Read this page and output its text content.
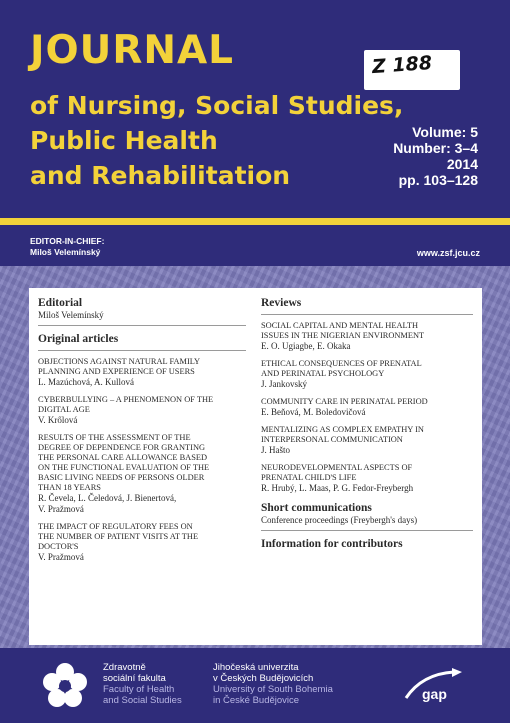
JOURNAL	Z 188
of Nursing, Social Studies,
Public Health
and Rehabilitation
Volume: 5
Number: 3–4
2014
pp. 103–128
EDITOR-IN-CHIEF:
Miloš Velemínský	www.zsf.jcu.cz
Editorial
Miloš Velemínský
Original articles
OBJECTIONS AGAINST NATURAL FAMILY
PLANNING AND EXPERIENCE OF USERS
L. Mazúchová, A. Kullová
CYBERBULLYING – A PHENOMENON OF THE
DIGITAL AGE
V. Krőlová
RESULTS OF THE ASSESSMENT OF THE
DEGREE OF DEPENDENCE FOR GRANTING
THE PERSONAL CARE ALLOWANCE BASED
ON THE FUNCTIONAL EVALUATION OF THE
BASIC LIVING NEEDS OF PERSONS OLDER
THAN 18 YEARS
R. Čevela, L. Čeledová, J. Bienertová,
V. Pražmová
THE IMPACT OF REGULATORY FEES ON
THE NUMBER OF PATIENT VISITS AT THE
DOCTOR'S
V. Pražmová
Reviews
SOCIAL CAPITAL AND MENTAL HEALTH
ISSUES IN THE NIGERIAN ENVIRONMENT
E. O. Ugiagbe, E. Okaka
ETHICAL CONSEQUENCES OF PRENATAL
AND PERINATAL PSYCHOLOGY
J. Jankovský
COMMUNITY CARE IN PERINATAL PERIOD
E. Beňová, M. Boledovičová
MENTALIZING AS COMPLEX EMPATHY IN
INTERPERSONAL COMMUNICATION
J. Hašto
NEURODEVELOPMENTAL ASPECTS OF
PRENATAL CHILD'S LIFE
R. Hrubý, L. Maas, P. G. Fedor-Freybergh
Short communications
Conference proceedings (Freybergh's days)
Information for contributors
Zdravotně
sociální fakulta
Faculty of Health
and Social Studies
Jihočeská univerzita
v Českých Budějovicích
University of South Bohemia
in České Budějovice	gap
